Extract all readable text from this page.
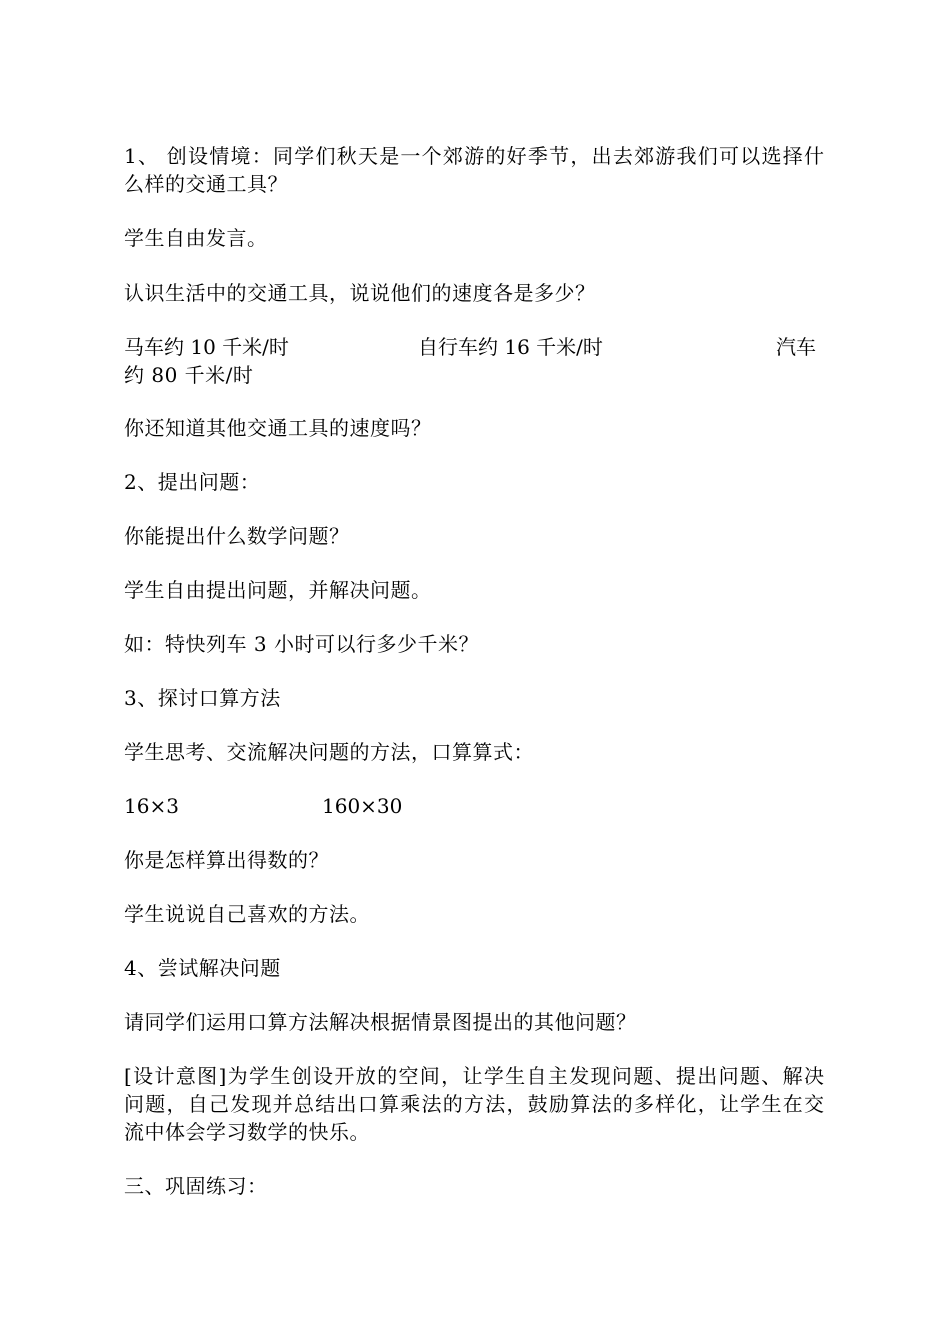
1、 创设情境：同学们秋天是一个郊游的好季节，出去郊游我们可以选择什
么样的交通工具？
学生自由发言。
认识生活中的交通工具，说说他们的速度各是多少？
马车约 10 千米/时	自行车约 16 千米/时	汽车
约 80 千米/时
你还知道其他交通工具的速度吗？
2、提出问题：
你能提出什么数学问题？
学生自由提出问题，并解决问题。
如：特快列车 3 小时可以行多少千米？
3、探讨口算方法
学生思考、交流解决问题的方法，口算算式：
16×3	160×30
你是怎样算出得数的？
学生说说自己喜欢的方法。
4、尝试解决问题
请同学们运用口算方法解决根据情景图提出的其他问题？
[设计意图]为学生创设开放的空间，让学生自主发现问题、提出问题、解决
问题，自己发现并总结出口算乘法的方法，鼓励算法的多样化，让学生在交
流中体会学习数学的快乐。
三、巩固练习：
